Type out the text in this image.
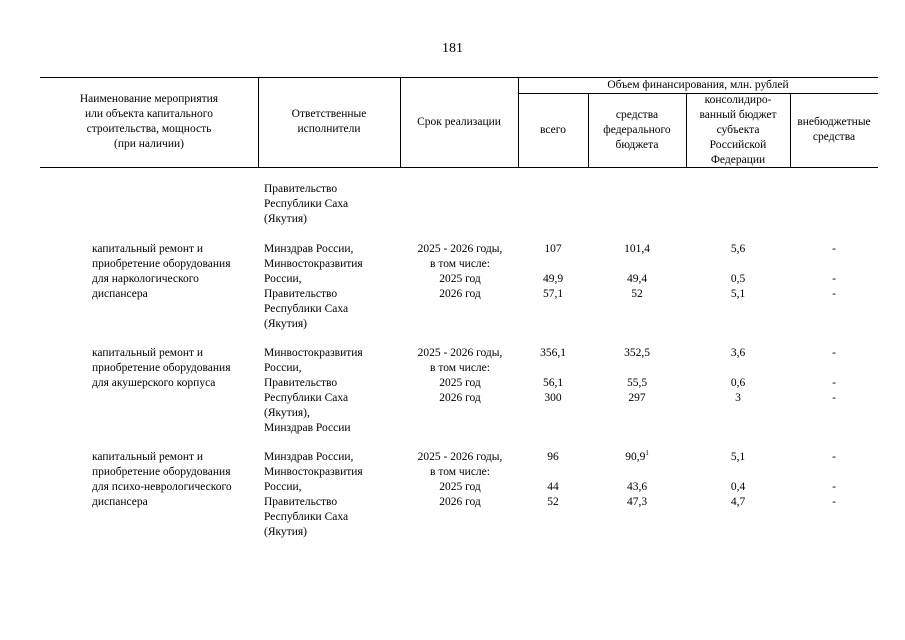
181
Наименование мероприятия
или объекта капитального
строительства, мощность
(при наличии)
Ответственные
исполнители
Срок реализации
Объем финансирования, млн. рублей
всего
средства
федерального
бюджета
консолидиро-
ванный бюджет
субъекта
Российской
Федерации
внебюджетные
средства
Правительство
Республики Саха
(Якутия)
капитальный ремонт и
приобретение оборудования
для наркологического
диспансера
Минздрав России,
Минвостокразвития
России,
Правительство
Республики Саха
(Якутия)
2025 - 2026 годы,
в том числе:
2025 год
2026 год
107
49,9
57,1
101,4
49,4
52
5,6
0,5
5,1
-
-
-
капитальный ремонт и
приобретение оборудования
для акушерского корпуса
Минвостокразвития
России,
Правительство
Республики Саха
(Якутия),
Минздрав России
2025 - 2026 годы,
в том числе:
2025 год
2026 год
356,1
56,1
300
352,5
55,5
297
3,6
0,6
3
-
-
-
капитальный ремонт и
приобретение оборудования
для психо-неврологического
диспансера
Минздрав России,
Минвостокразвития
России,
Правительство
Республики Саха
(Якутия)
2025 - 2026 годы,
в том числе:
2025 год
2026 год
96
44
52
90,9$^1$
43,6
47,3
5,1
0,4
4,7
-
-
-
